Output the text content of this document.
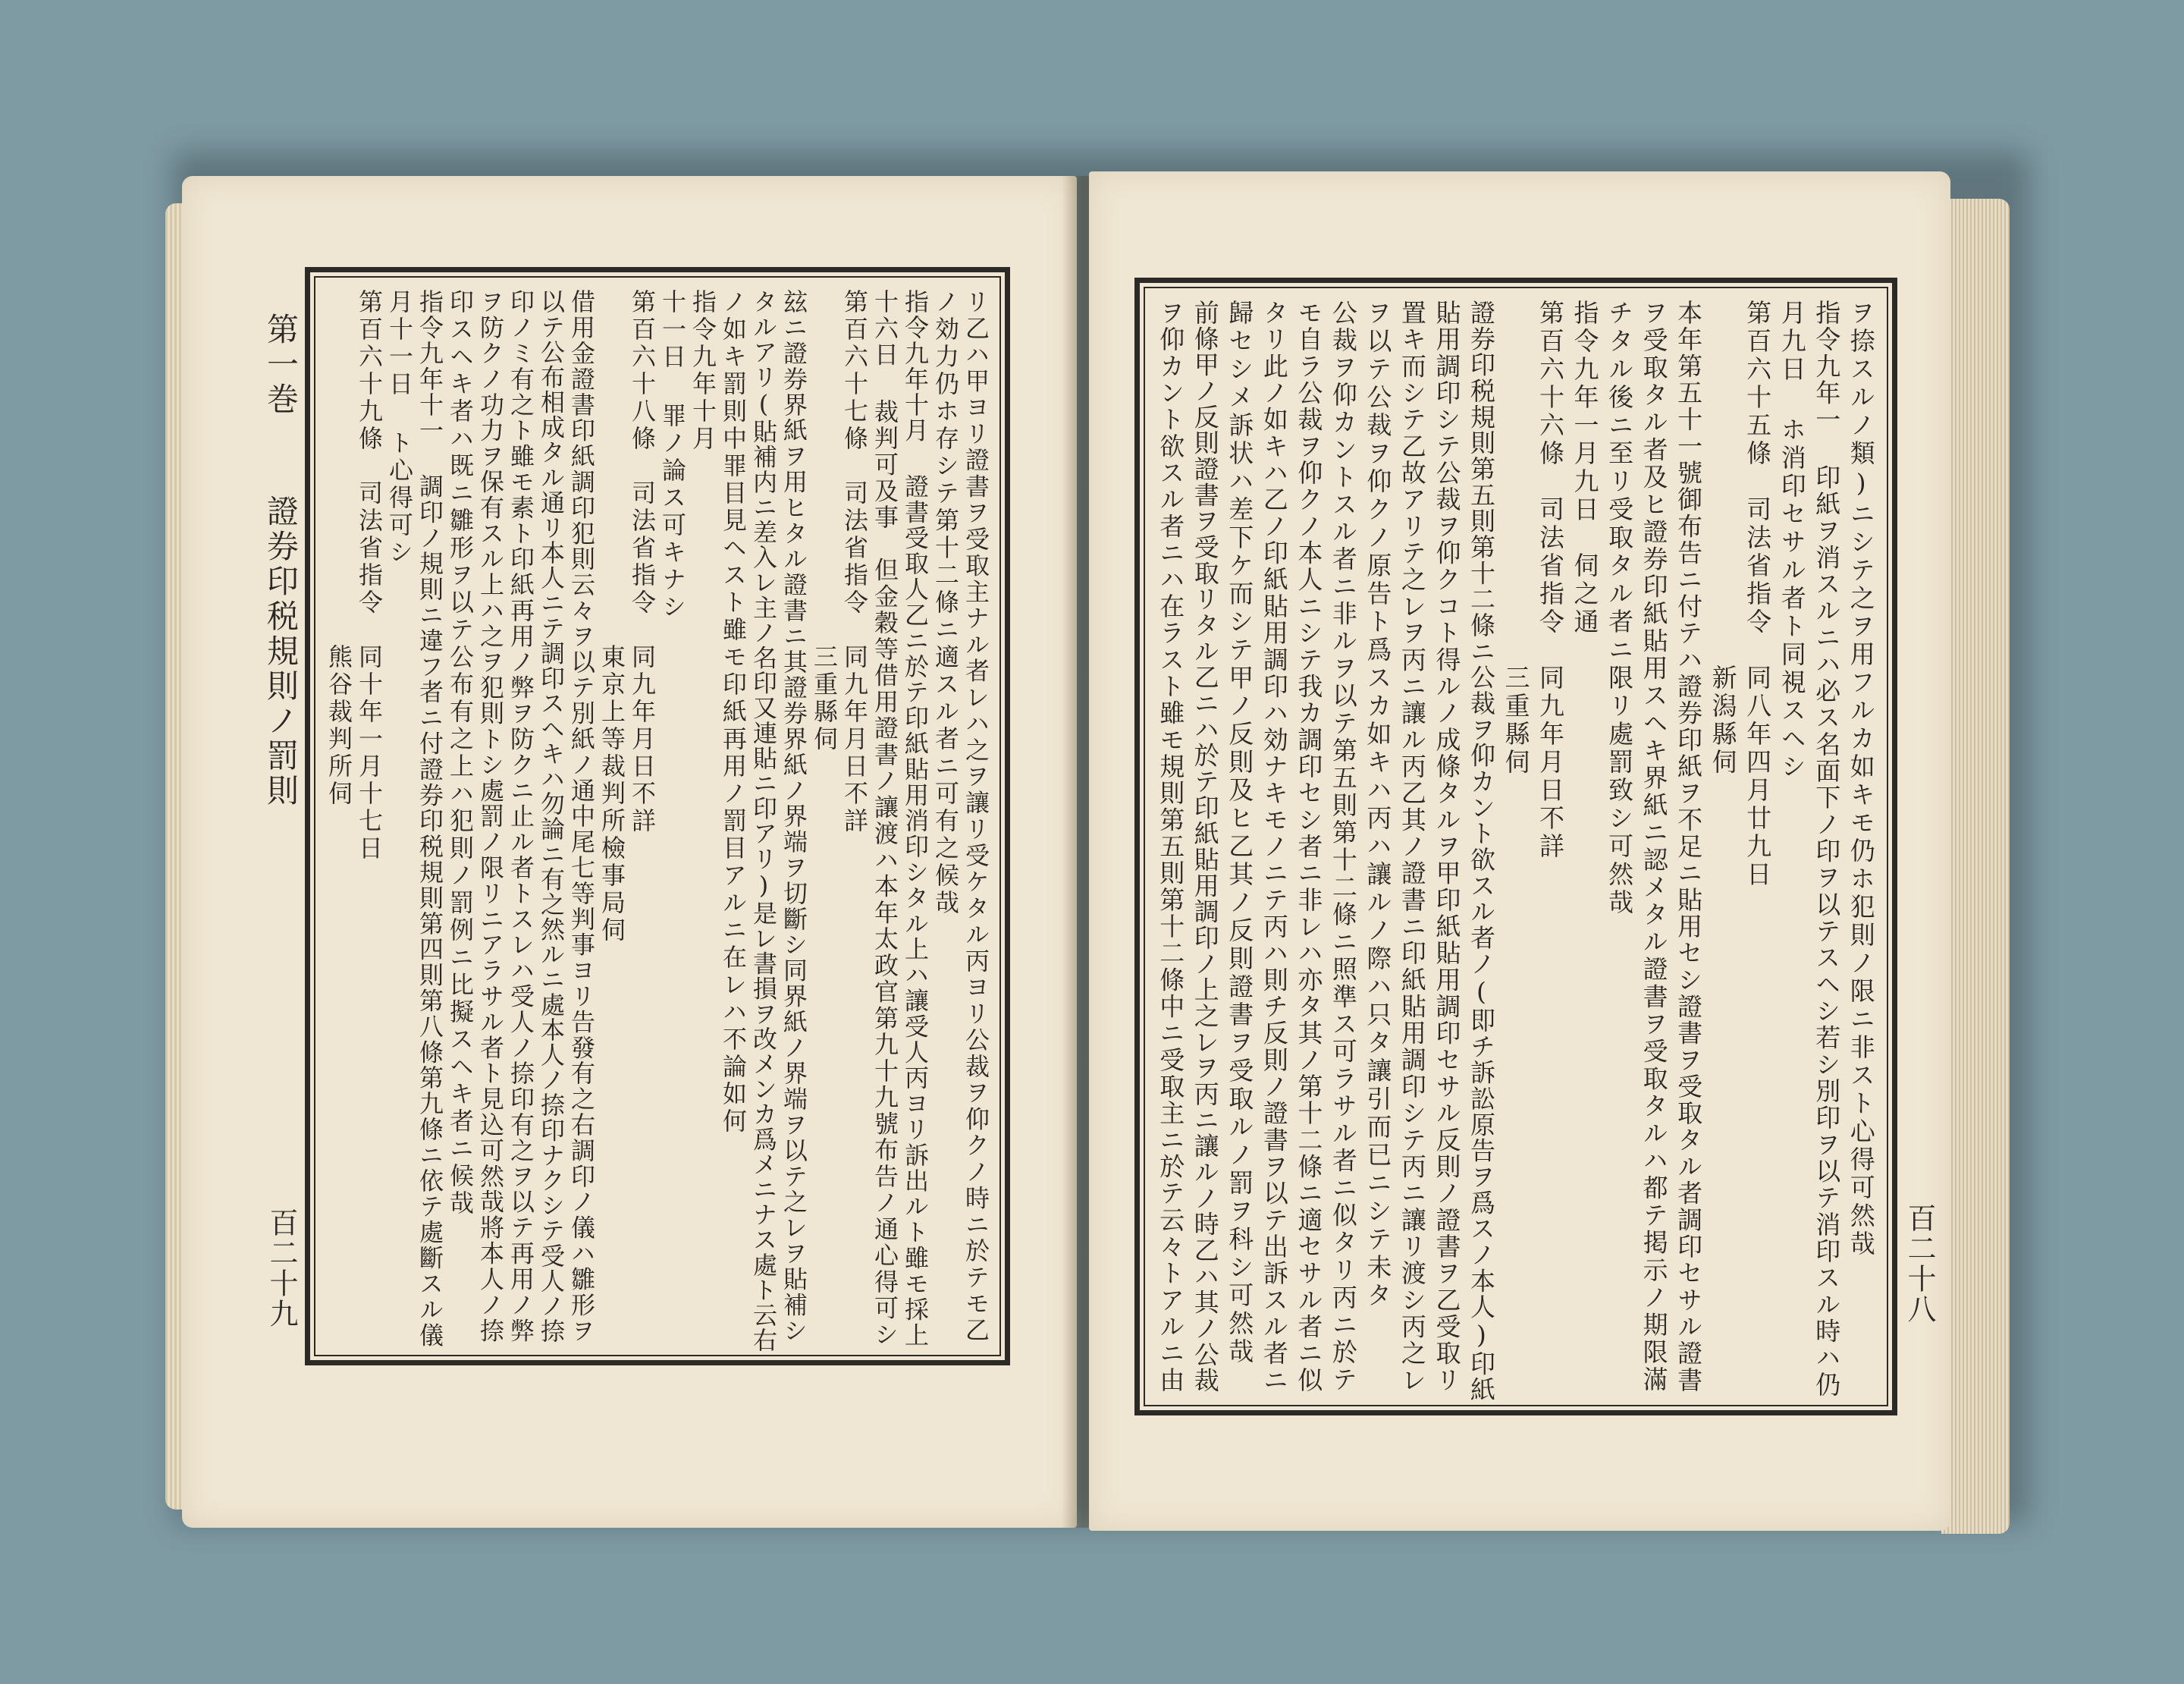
第一巻
證券印税規則ノ罰則
百二十九	リ乙ハ甲ヨリ證書ヲ受取主ナル者レハ之ヲ讓リ受ケタル丙ヨリ公裁ヲ仰クノ時ニ於テモ乙
ノ効力仍ホ存シテ第十二條ニ適スル者ニ可有之候哉
指令九年十月 證書受取人乙ニ於テ印紙貼用消印シタル上ハ讓受人丙ヨリ訴出ルト雖モ採上
十六日 裁判可及事　但金穀等借用證書ノ讓渡ハ本年太政官第九十九號布告ノ通心得可シ
第百六十七條　司法省指令　同九年月日不詳
　　　　　　　　　　　　　三重縣伺
玆ニ證券界紙ヲ用ヒタル證書ニ其證券界紙ノ界端ヲ切斷シ同界紙ノ界端ヲ以テ之レヲ貼補シ
タルアリ(貼補内ニ差入レ主ノ名印又連貼ニ印アリ)是レ書損ヲ改メンカ爲メニナス處ト云右
ノ如キ罰則中罪目見ヘスト雖モ印紙再用ノ罰目アルニ在レハ不論如何
指令九年十月
十一日 罪ノ論ス可キナシ
第百六十八條　司法省指令　同九年月日不詳
　　　　　　　　　　　　　東京上等裁判所檢事局伺
借用金證書印紙調印犯則云々ヲ以テ別紙ノ通中尾七等判事ヨリ告發有之右調印ノ儀ハ雛形ヲ
以テ公布相成タル通リ本人ニテ調印スヘキハ勿論ニ有之然ルニ處本人ノ捺印ナクシテ受人ノ捺
印ノミ有之ト雖モ素ト印紙再用ノ弊ヲ防クニ止ル者トスレハ受人ノ捺印有之ヲ以テ再用ノ弊
ヲ防クノ功力ヲ保有スル上ハ之ヲ犯則トシ處罰ノ限リニアラサル者ト見込可然哉將本人ノ捺
印スヘキ者ハ既ニ雛形ヲ以テ公布有之上ハ犯則ノ罰例ニ比擬スヘキ者ニ候哉
指令九年十一 調印ノ規則ニ違フ者ニ付證券印税規則第四則第八條第九條ニ依テ處斷スル儀
月十一日 ト心得可シ
第百六十九條　司法省指令　同十年一月十七日
　　　　　　　　　　　　　熊谷裁判所伺
百二十八
ヲ捺スルノ類)ニシテ之ヲ用フルカ如キモ仍ホ犯則ノ限ニ非スト心得可然哉
指令九年一 印紙ヲ消スルニハ必ス名面下ノ印ヲ以テスヘシ若シ別印ヲ以テ消印スル時ハ仍
月九日 ホ消印セサル者ト同視スヘシ
第百六十五條　司法省指令　同八年四月廿九日
　　　　　　　　　　　　　新潟縣伺
本年第五十一號御布告ニ付テハ證券印紙ヲ不足ニ貼用セシ證書ヲ受取タル者調印セサル證書
ヲ受取タル者及ヒ證券印紙貼用スヘキ界紙ニ認メタル證書ヲ受取タルハ都テ掲示ノ期限滿
チタル後ニ至リ受取タル者ニ限リ處罰致シ可然哉
指令九年一月九日　伺之通
第百六十六條　司法省指令　同九年月日不詳
　　　　　　　　　　　　　三重縣伺
證券印税規則第五則第十二條ニ公裁ヲ仰カント欲スル者ノ(即チ訴訟原告ヲ爲スノ本人)印紙
貼用調印シテ公裁ヲ仰クコト得ルノ成條タルヲ甲印紙貼用調印セサル反則ノ證書ヲ乙受取リ
置キ而シテ乙故アリテ之レヲ丙ニ讓ル丙乙其ノ證書ニ印紙貼用調印シテ丙ニ讓リ渡シ丙之レ
ヲ以テ公裁ヲ仰クノ原告ト爲スカ如キハ丙ハ讓ルノ際ハ只タ讓引而已ニシテ未タ
公裁ヲ仰カントスル者ニ非ルヲ以テ第五則第十二條ニ照準ス可ラサル者ニ似タリ丙ニ於テ
モ自ラ公裁ヲ仰クノ本人ニシテ我カ調印セシ者ニ非レハ亦タ其ノ第十二條ニ適セサル者ニ似
タリ此ノ如キハ乙ノ印紙貼用調印ハ効ナキモノニテ丙ハ則チ反則ノ證書ヲ以テ出訴スル者ニ
歸セシメ訴状ハ差下ケ而シテ甲ノ反則及ヒ乙其ノ反則證書ヲ受取ルノ罰ヲ科シ可然哉
前條甲ノ反則證書ヲ受取リタル乙ニハ於テ印紙貼用調印ノ上之レヲ丙ニ讓ルノ時乙ハ其ノ公裁
ヲ仰カント欲スル者ニハ在ラスト雖モ規則第五則第十二條中ニ受取主ニ於テ云々トアルニ由
